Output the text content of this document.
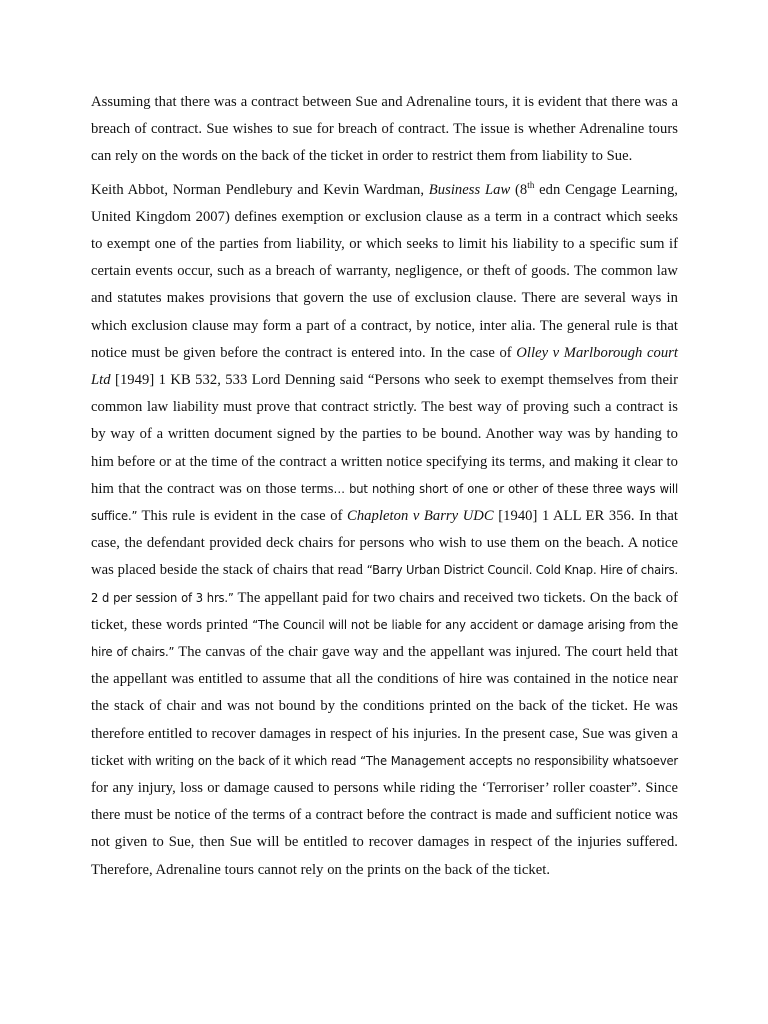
Assuming that there was a contract between Sue and Adrenaline tours, it is evident that there was a breach of contract. Sue wishes to sue for breach of contract. The issue is whether Adrenaline tours can rely on the words on the back of the ticket in order to restrict them from liability to Sue.

Keith Abbot, Norman Pendlebury and Kevin Wardman, Business Law (8th edn Cengage Learning, United Kingdom 2007) defines exemption or exclusion clause as a term in a contract which seeks to exempt one of the parties from liability, or which seeks to limit his liability to a specific sum if certain events occur, such as a breach of warranty, negligence, or theft of goods. The common law and statutes makes provisions that govern the use of exclusion clause. There are several ways in which exclusion clause may form a part of a contract, by notice, inter alia. The general rule is that notice must be given before the contract is entered into. In the case of Olley v Marlborough court Ltd [1949] 1 KB 532, 533 Lord Denning said “Persons who seek to exempt themselves from their common law liability must prove that contract strictly. The best way of proving such a contract is by way of a written document signed by the parties to be bound. Another way was by handing to him before or at the time of the contract a written notice specifying its terms, and making it clear to him that the contract was on those terms… but nothing short of one or other of these three ways will suffice.” This rule is evident in the case of Chapleton v Barry UDC [1940] 1 ALL ER 356. In that case, the defendant provided deck chairs for persons who wish to use them on the beach. A notice was placed beside the stack of chairs that read “Barry Urban District Council. Cold Knap. Hire of chairs. 2 d per session of 3 hrs.” The appellant paid for two chairs and received two tickets. On the back of ticket, these words printed “The Council will not be liable for any accident or damage arising from the hire of chairs.” The canvas of the chair gave way and the appellant was injured. The court held that the appellant was entitled to assume that all the conditions of hire was contained in the notice near the stack of chair and was not bound by the conditions printed on the back of the ticket. He was therefore entitled to recover damages in respect of his injuries. In the present case, Sue was given a ticket with writing on the back of it which read “The Management accepts no responsibility whatsoever for any injury, loss or damage caused to persons while riding the ‘Terroriser’ roller coaster”. Since there must be notice of the terms of a contract before the contract is made and sufficient notice was not given to Sue, then Sue will be entitled to recover damages in respect of the injuries suffered. Therefore, Adrenaline tours cannot rely on the prints on the back of the ticket.
